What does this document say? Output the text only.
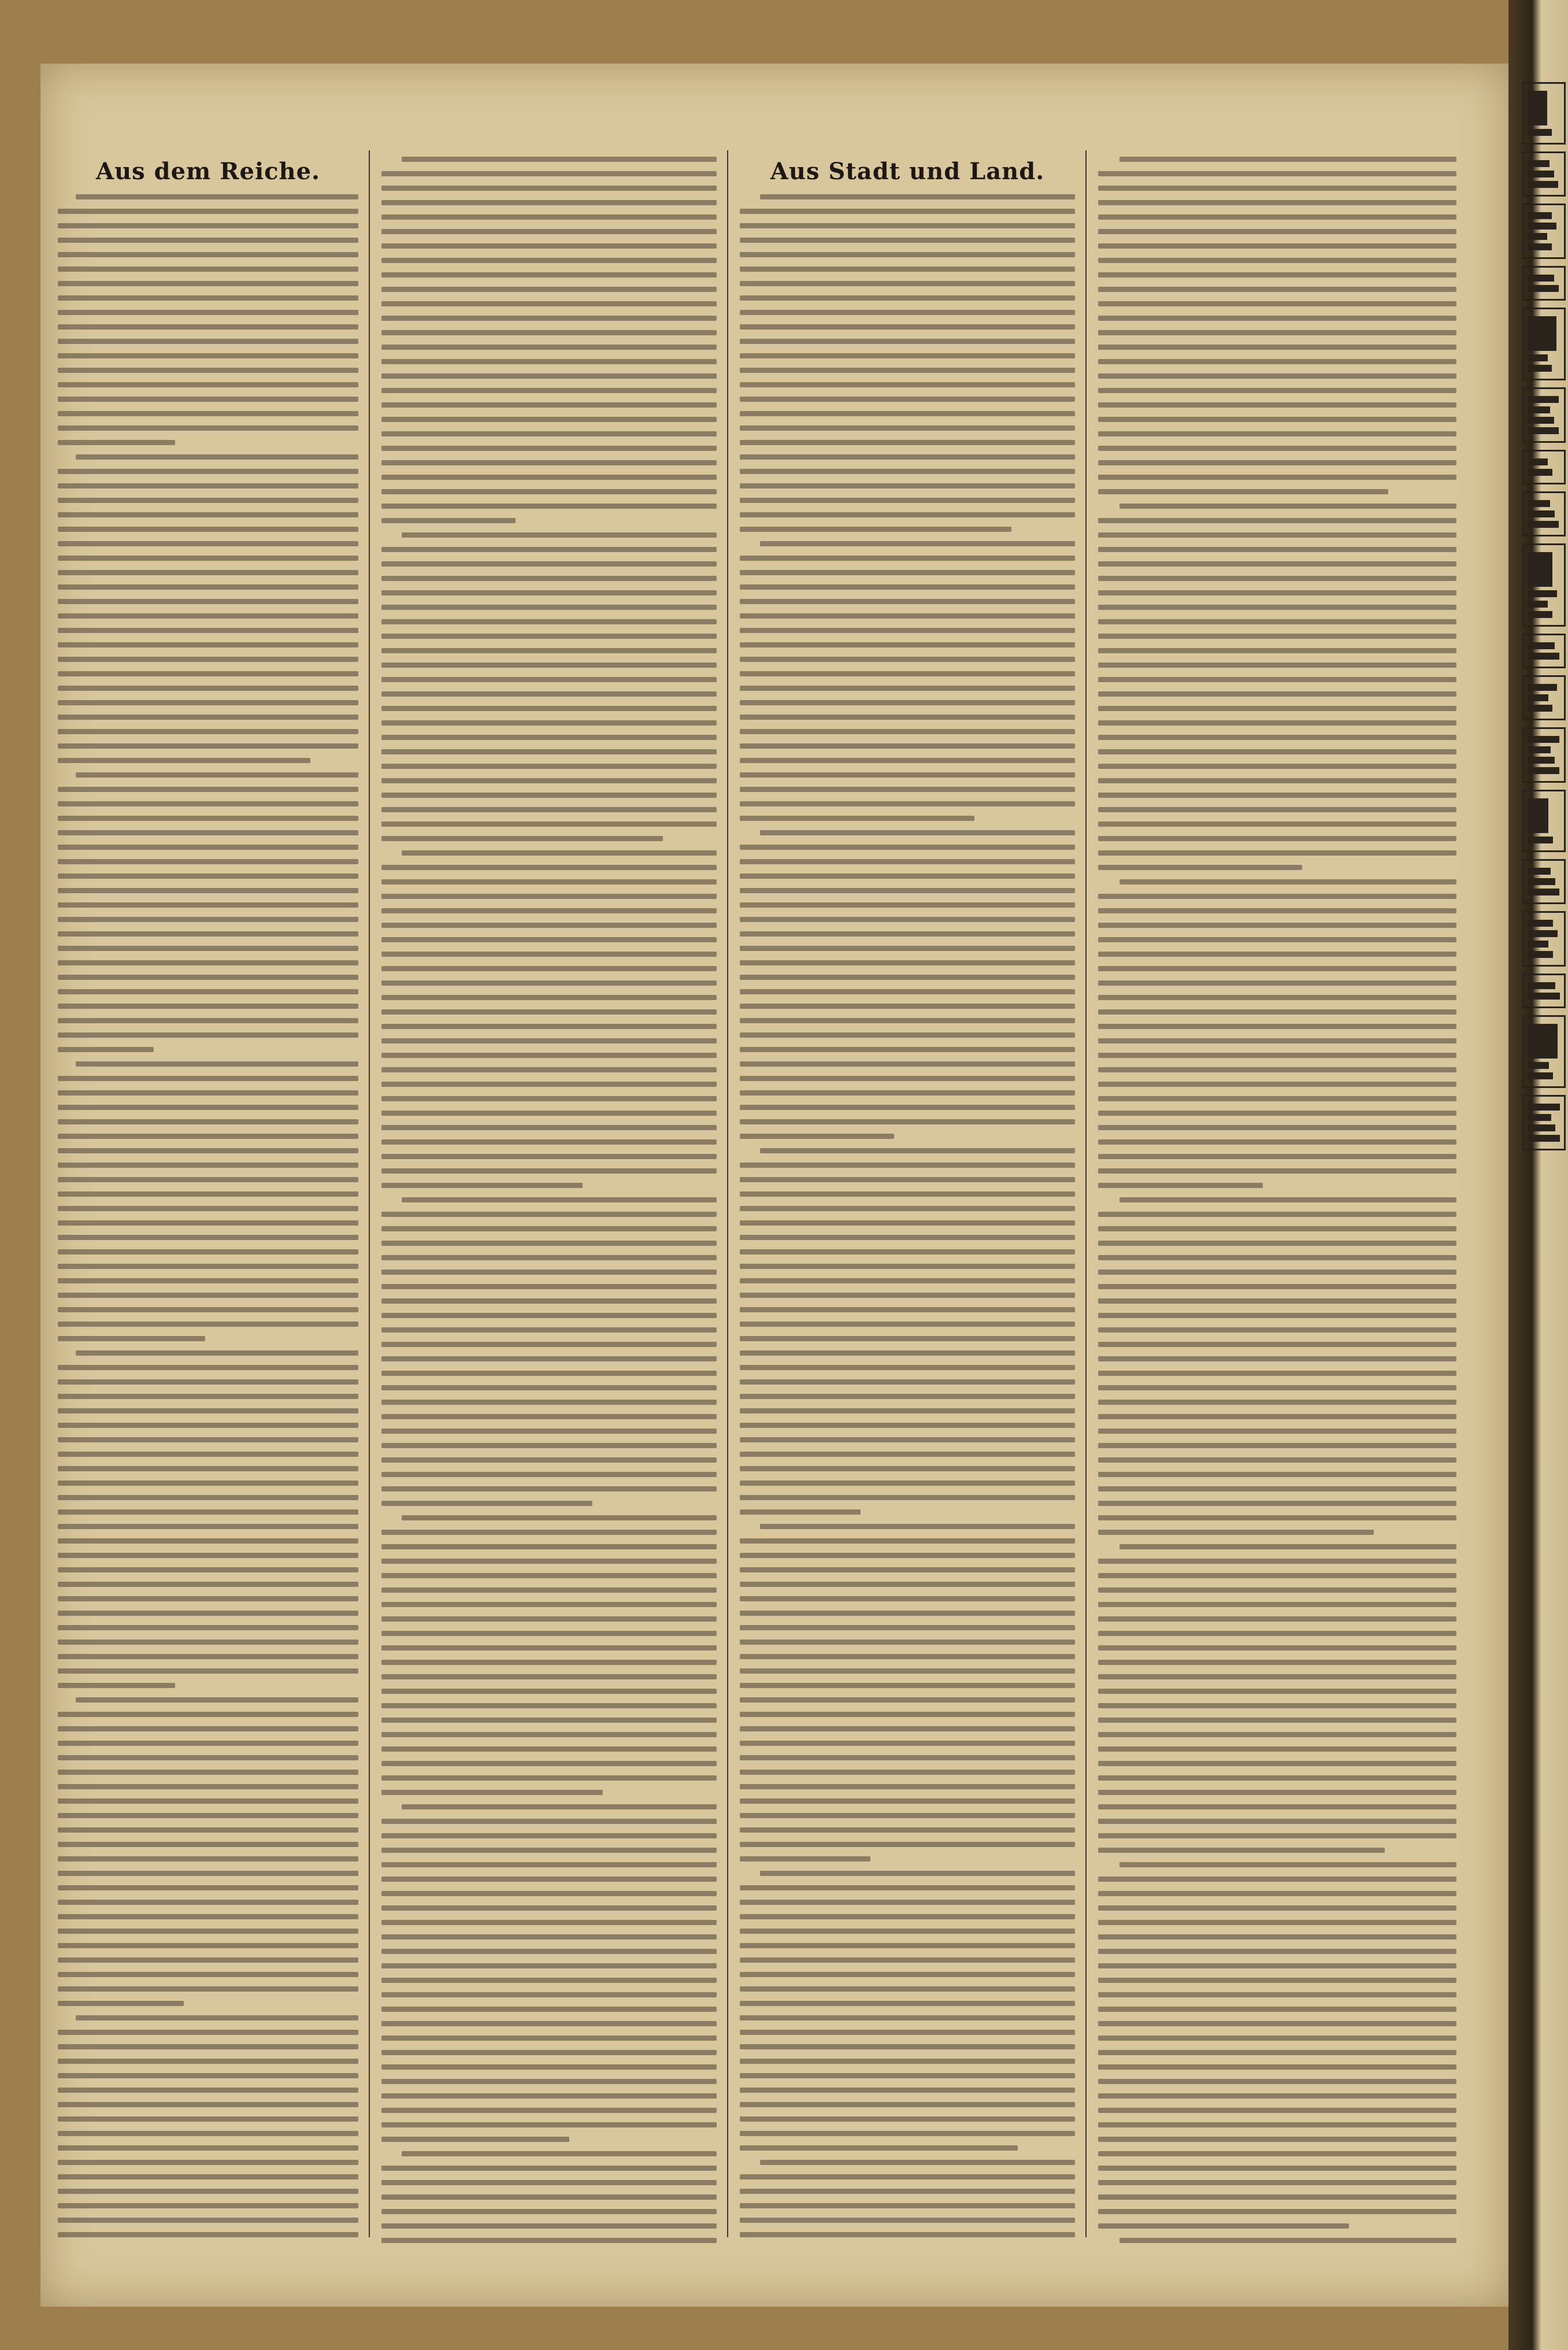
Aus dem Reiche.	Aus Stadt und Land.
